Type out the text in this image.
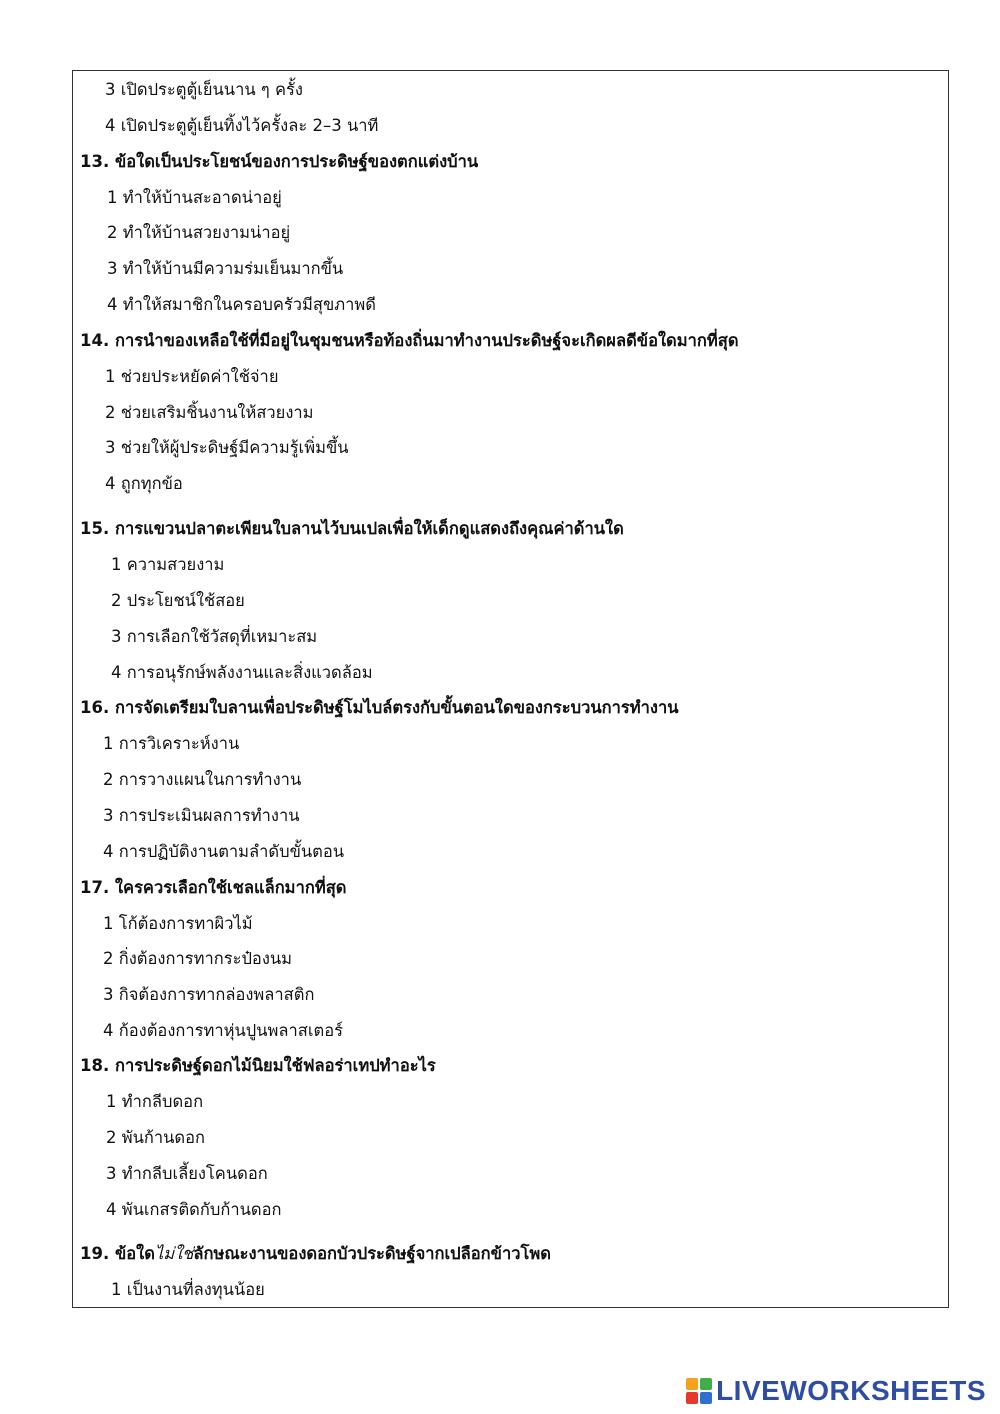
3 เปิดประตูตู้เย็นนาน ๆ ครั้ง
4 เปิดประตูตู้เย็นทิ้งไว้ครั้งละ 2–3 นาที
13. ข้อใดเป็นประโยชน์ของการประดิษฐ์ของตกแต่งบ้าน
1 ทำให้บ้านสะอาดน่าอยู่
2 ทำให้บ้านสวยงามน่าอยู่
3 ทำให้บ้านมีความร่มเย็นมากขึ้น
4 ทำให้สมาชิกในครอบครัวมีสุขภาพดี
14. การนำของเหลือใช้ที่มีอยู่ในชุมชนหรือท้องถิ่นมาทำงานประดิษฐ์จะเกิดผลดีข้อใดมากที่สุด
1 ช่วยประหยัดค่าใช้จ่าย
2 ช่วยเสริมชิ้นงานให้สวยงาม
3 ช่วยให้ผู้ประดิษฐ์มีความรู้เพิ่มขึ้น
4 ถูกทุกข้อ
15. การแขวนปลาตะเพียนใบลานไว้บนเปลเพื่อให้เด็กดูแสดงถึงคุณค่าด้านใด
1 ความสวยงาม
2 ประโยชน์ใช้สอย
3 การเลือกใช้วัสดุที่เหมาะสม
4 การอนุรักษ์พลังงานและสิ่งแวดล้อม
16. การจัดเตรียมใบลานเพื่อประดิษฐ์โมไบล์ตรงกับขั้นตอนใดของกระบวนการทำงาน
1 การวิเคราะห์งาน
2 การวางแผนในการทำงาน
3 การประเมินผลการทำงาน
4 การปฏิบัติงานตามลำดับขั้นตอน
17. ใครควรเลือกใช้เชลแล็กมากที่สุด
1 โก้ต้องการทาผิวไม้
2 กิ่งต้องการทากระป๋องนม
3 กิจต้องการทากล่องพลาสติก
4 ก้องต้องการทาหุ่นปูนพลาสเตอร์
18. การประดิษฐ์ดอกไม้นิยมใช้ฟลอร่าเทปทำอะไร
1 ทำกลีบดอก
2 พันก้านดอก
3 ทำกลีบเลี้ยงโคนดอก
4 พันเกสรติดกับก้านดอก
19. ข้อใดไม่ใช่ลักษณะงานของดอกบัวประดิษฐ์จากเปลือกข้าวโพด
1 เป็นงานที่ลงทุนน้อย
LIVEWORKSHEETS
